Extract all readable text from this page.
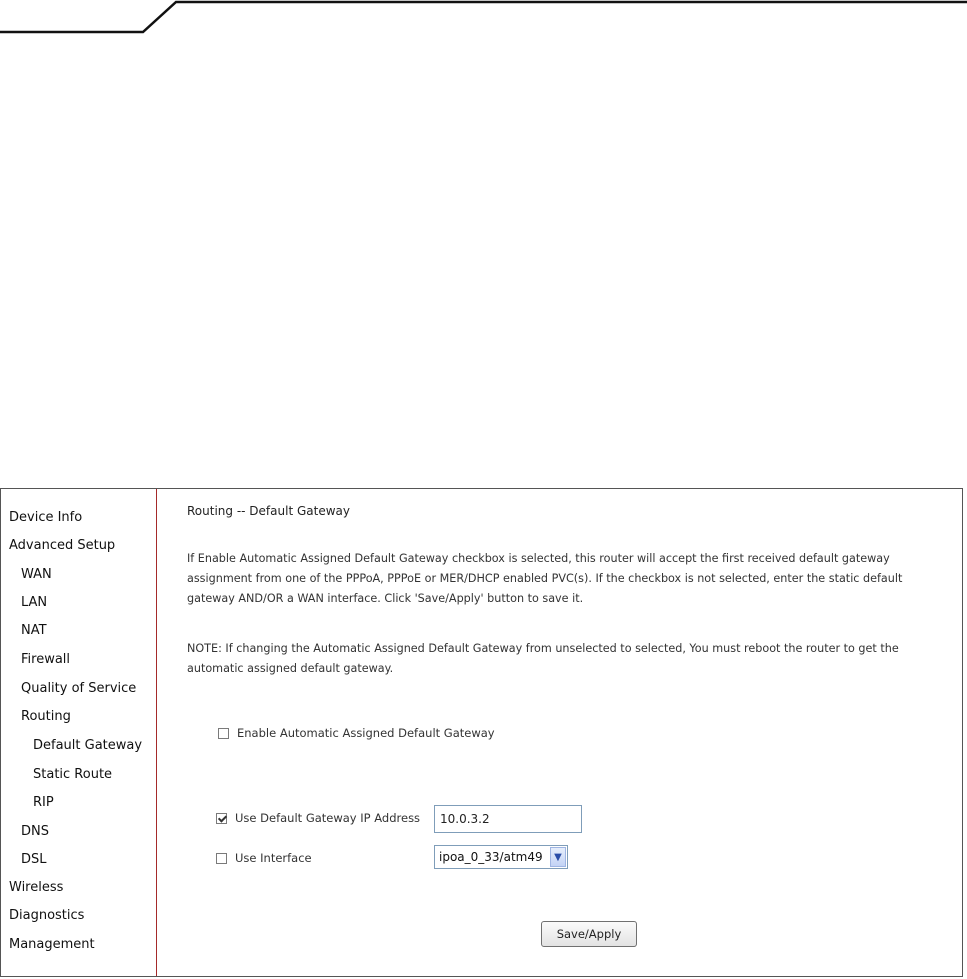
Device Info
Advanced Setup
WAN
LAN
NAT
Firewall
Quality of Service
Routing
Default Gateway
Static Route
RIP
DNS
DSL
Wireless
Diagnostics
Management
Routing -- Default Gateway
If Enable Automatic Assigned Default Gateway checkbox is selected, this router will accept the first received default gateway
assignment from one of the PPPoA, PPPoE or MER/DHCP enabled PVC(s). If the checkbox is not selected, enter the static default
gateway AND/OR a WAN interface. Click 'Save/Apply' button to save it.
NOTE: If changing the Automatic Assigned Default Gateway from unselected to selected, You must reboot the router to get the
automatic assigned default gateway.
Enable Automatic Assigned Default Gateway
Use Default Gateway IP Address
10.0.3.2
Use Interface	ipoa_0_33/atm49	▼
Save/Apply
